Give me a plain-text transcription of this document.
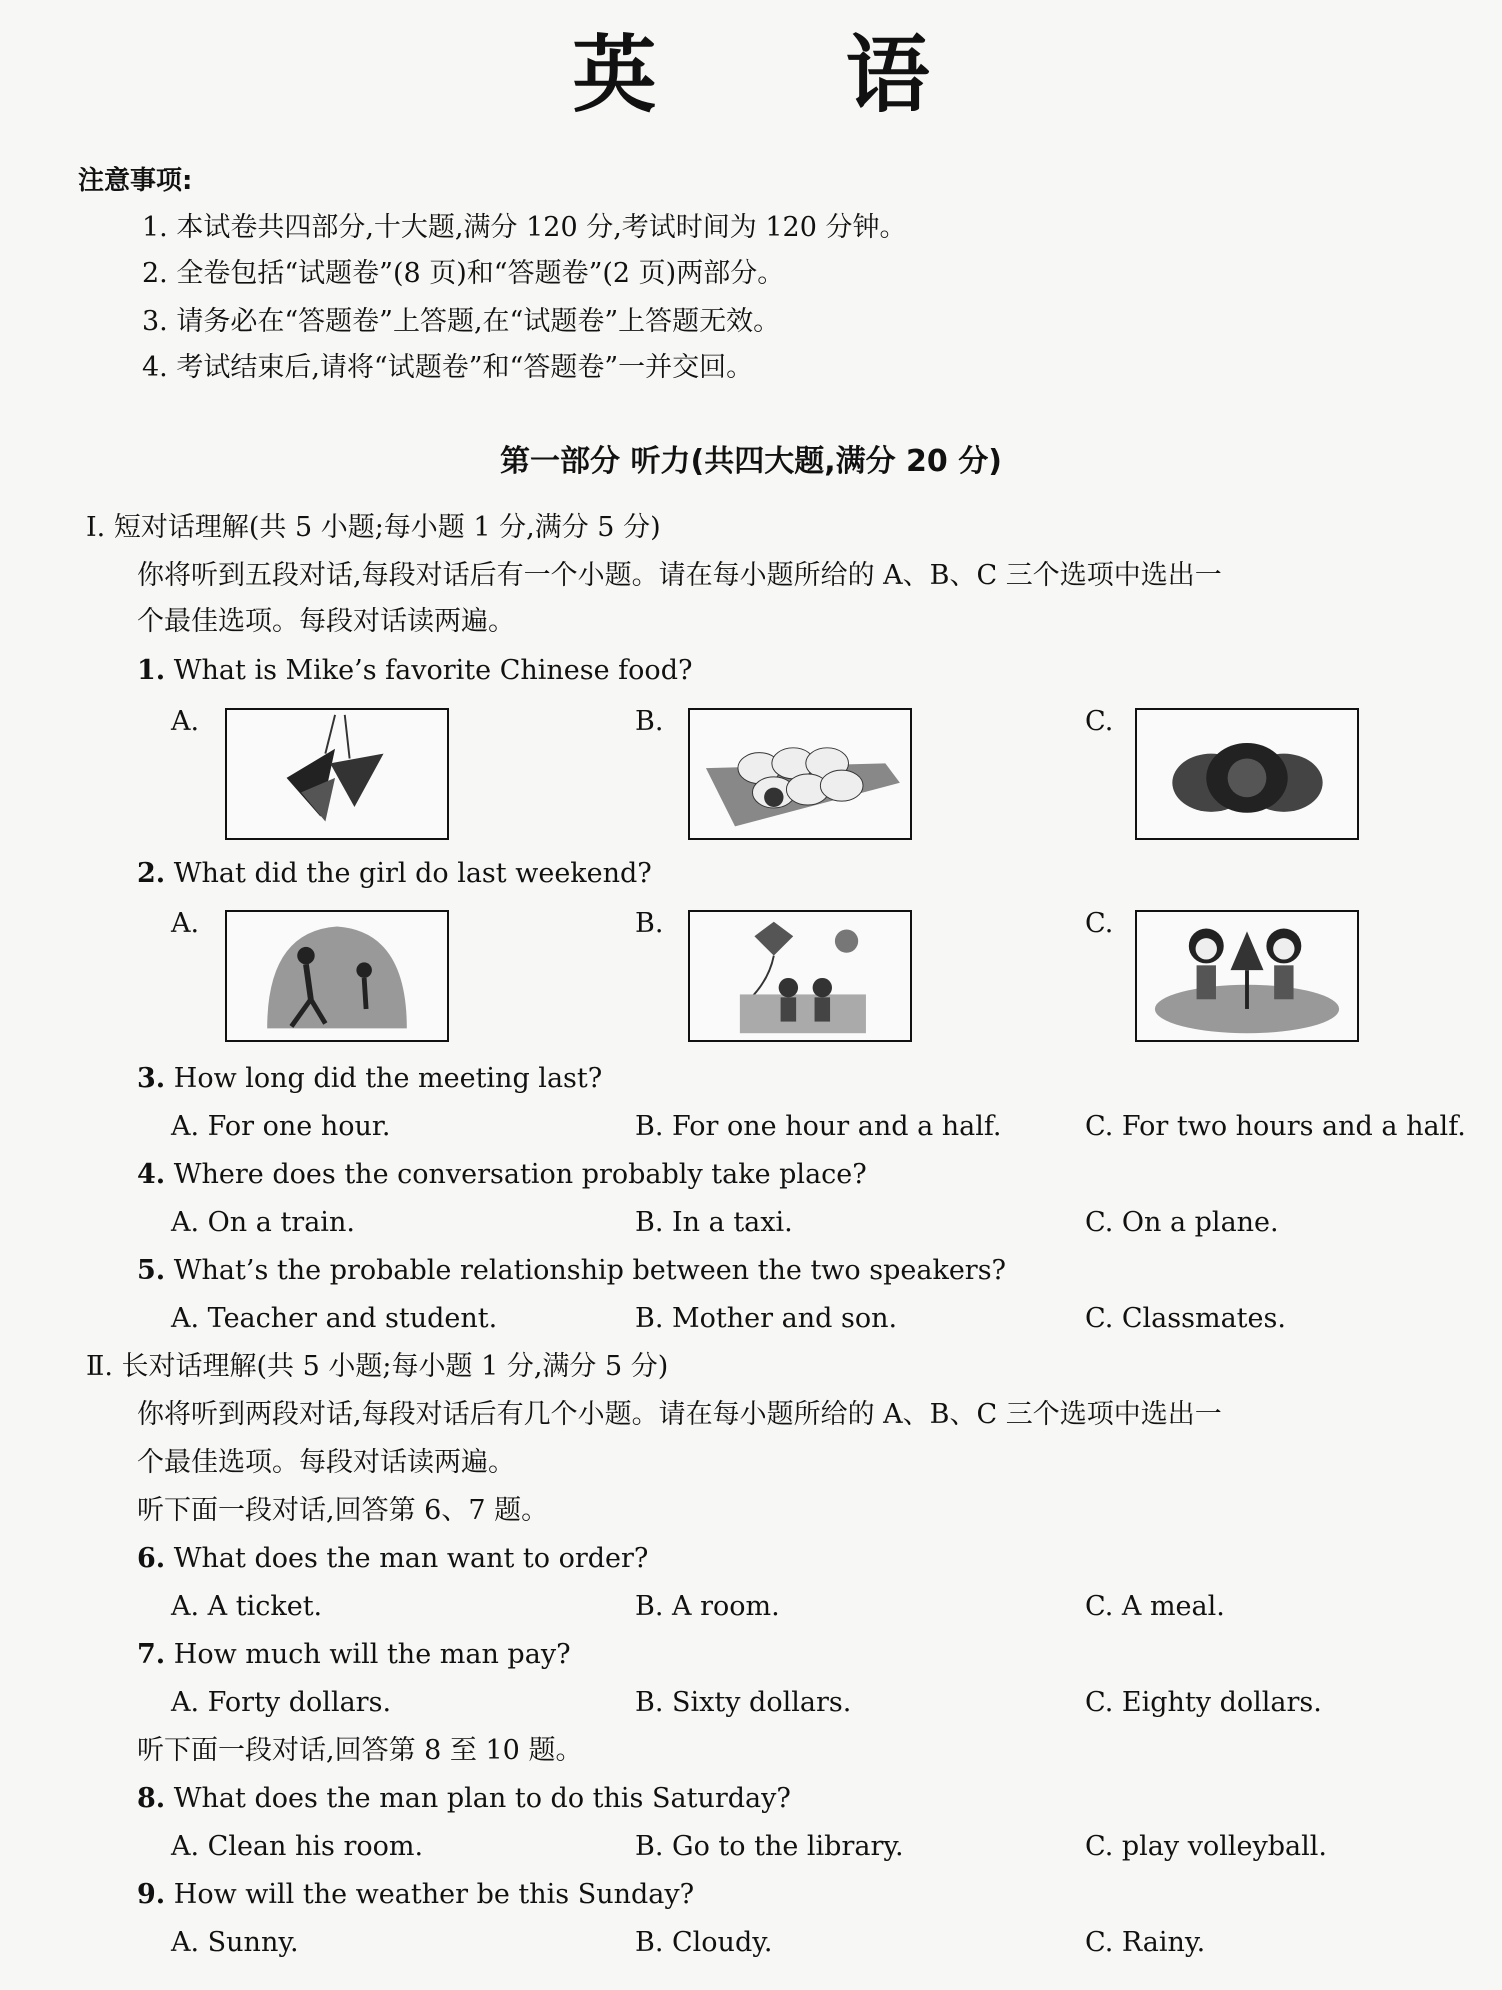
英 语
注意事项:
1. 本试卷共四部分,十大题,满分 120 分,考试时间为 120 分钟。
2. 全卷包括“试题卷”(8 页)和“答题卷”(2 页)两部分。
3. 请务必在“答题卷”上答题,在“试题卷”上答题无效。
4. 考试结束后,请将“试题卷”和“答题卷”一并交回。
第一部分 听力(共四大题,满分 20 分)
Ⅰ. 短对话理解(共 5 小题;每小题 1 分,满分 5 分)
你将听到五段对话,每段对话后有一个小题。请在每小题所给的 A、B、C 三个选项中选出一
个最佳选项。每段对话读两遍。
1. What is Mike’s favorite Chinese food?
A.	B.	C.
2. What did the girl do last weekend?
A.	B.	C.
3. How long did the meeting last?
A. For one hour.	B. For one hour and a half.	C. For two hours and a half.
4. Where does the conversation probably take place?
A. On a train.	B. In a taxi.	C. On a plane.
5. What’s the probable relationship between the two speakers?
A. Teacher and student.	B. Mother and son.	C. Classmates.
Ⅱ. 长对话理解(共 5 小题;每小题 1 分,满分 5 分)
你将听到两段对话,每段对话后有几个小题。请在每小题所给的 A、B、C 三个选项中选出一
个最佳选项。每段对话读两遍。
听下面一段对话,回答第 6、7 题。
6. What does the man want to order?
A. A ticket.	B. A room.	C. A meal.
7. How much will the man pay?
A. Forty dollars.	B. Sixty dollars.	C. Eighty dollars.
听下面一段对话,回答第 8 至 10 题。
8. What does the man plan to do this Saturday?
A. Clean his room.	B. Go to the library.	C. play volleyball.
9. How will the weather be this Sunday?
A. Sunny.	B. Cloudy.	C. Rainy.
